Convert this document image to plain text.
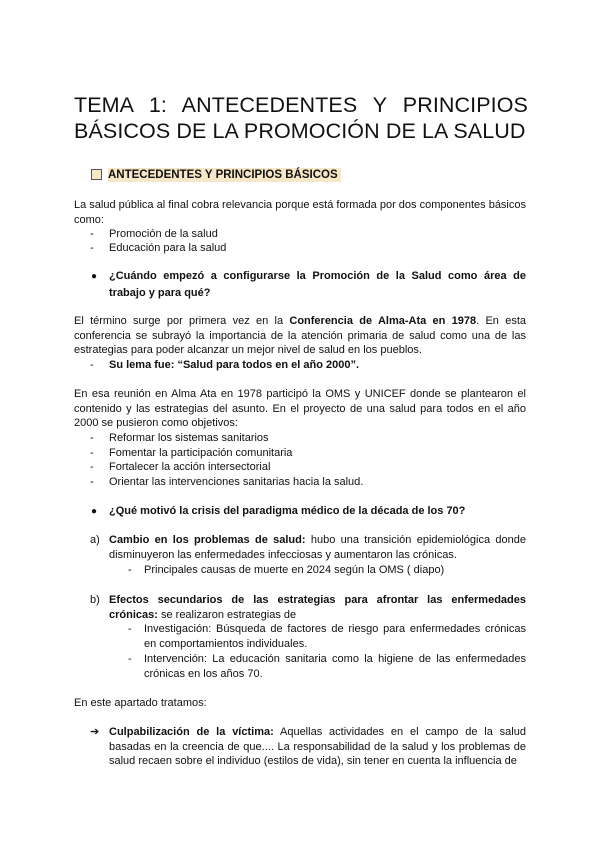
TEMA 1: ANTECEDENTES Y PRINCIPIOS BÁSICOS DE LA PROMOCIÓN DE LA SALUD
ANTECEDENTES Y PRINCIPIOS BÁSICOS

La salud pública al final cobra relevancia porque está formada por dos componentes básicos como:

- Promoción de la salud

- Educación para la salud

● ¿Cuándo empezó a configurarse la Promoción de la Salud como área de trabajo y para qué?

El término surge por primera vez en la Conferencia de Alma-Ata en 1978. En esta conferencia se subrayó la importancia de la atención primaria de salud como una de las estrategias para poder alcanzar un mejor nivel de salud en los pueblos.

- Su lema fue: “Salud para todos en el año 2000”.

En esa reunión en Alma Ata en 1978 participó la OMS y UNICEF donde se plantearon el contenido y las estrategias del asunto. En el proyecto de una salud para todos en el año 2000 se pusieron como objetivos:

- Reformar los sistemas sanitarios

- Fomentar la participación comunitaria

- Fortalecer la acción intersectorial

- Orientar las intervenciones sanitarias hacia la salud.

● ¿Qué motivó la crisis del paradigma médico de la década de los 70?

a) Cambio en los problemas de salud: hubo una transición epidemiológica donde disminuyeron las enfermedades infecciosas y aumentaron las crónicas.

- Principales causas de muerte en 2024 según la OMS ( diapo)

b) Efectos secundarios de las estrategias para afrontar las enfermedades crónicas: se realizaron estrategias de

- Investigación: Búsqueda de factores de riesgo para enfermedades crónicas en comportamientos individuales.

- Intervención: La educación sanitaria como la higiene de las enfermedades crónicas en los años 70.

En este apartado tratamos:

➔ Culpabilización de la víctima: Aquellas actividades en el campo de la salud basadas en la creencia de que.... La responsabilidad de la salud y los problemas de salud recaen sobre el individuo (estilos de vida), sin tener en cuenta la influencia de
